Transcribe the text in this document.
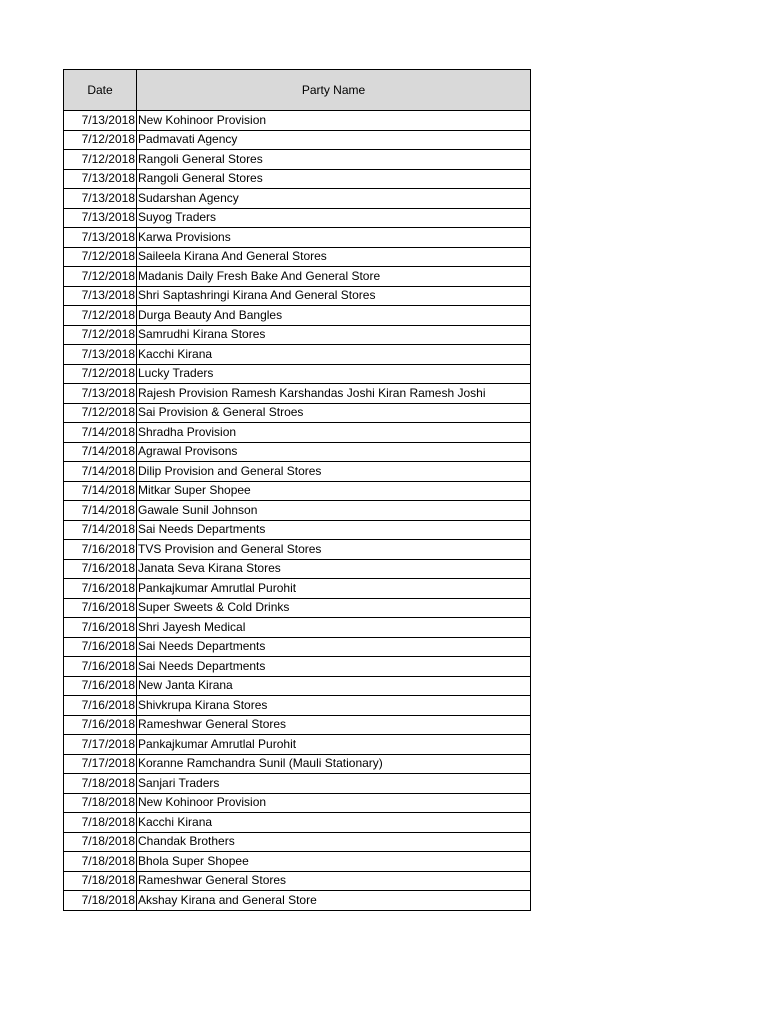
Date	Party Name
7/13/2018	New Kohinoor Provision
7/12/2018	Padmavati Agency
7/12/2018	Rangoli General Stores
7/13/2018	Rangoli General Stores
7/13/2018	Sudarshan Agency
7/13/2018	Suyog Traders
7/13/2018	Karwa Provisions
7/12/2018	Saileela Kirana And General Stores
7/12/2018	Madanis Daily Fresh Bake And General Store
7/13/2018	Shri Saptashringi Kirana And General Stores
7/12/2018	Durga Beauty And Bangles
7/12/2018	Samrudhi Kirana Stores
7/13/2018	Kacchi Kirana
7/12/2018	Lucky Traders
7/13/2018	Rajesh Provision Ramesh Karshandas Joshi Kiran Ramesh Joshi
7/12/2018	Sai Provision & General Stroes
7/14/2018	Shradha Provision
7/14/2018	Agrawal Provisons
7/14/2018	Dilip Provision and General Stores
7/14/2018	Mitkar Super Shopee
7/14/2018	Gawale Sunil Johnson
7/14/2018	Sai Needs Departments
7/16/2018	TVS Provision and General Stores
7/16/2018	Janata Seva Kirana Stores
7/16/2018	Pankajkumar Amrutlal Purohit
7/16/2018	Super Sweets & Cold Drinks
7/16/2018	Shri Jayesh Medical
7/16/2018	Sai Needs Departments
7/16/2018	Sai Needs Departments
7/16/2018	New Janta Kirana
7/16/2018	Shivkrupa Kirana Stores
7/16/2018	Rameshwar General Stores
7/17/2018	Pankajkumar Amrutlal Purohit
7/17/2018	Koranne Ramchandra Sunil (Mauli Stationary)
7/18/2018	Sanjari Traders
7/18/2018	New Kohinoor Provision
7/18/2018	Kacchi Kirana
7/18/2018	Chandak Brothers
7/18/2018	Bhola Super Shopee
7/18/2018	Rameshwar General Stores
7/18/2018	Akshay Kirana and General Store
